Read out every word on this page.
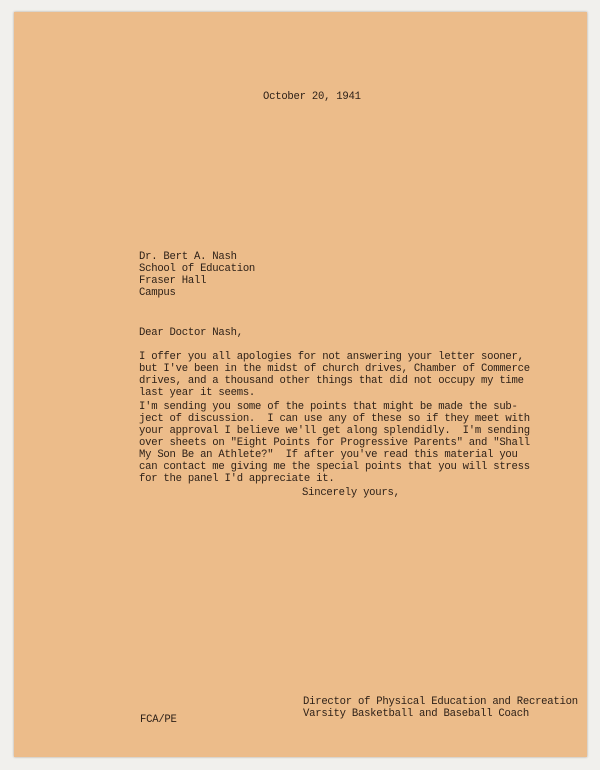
October 20, 1941
Dr. Bert A. Nash
School of Education
Fraser Hall
Campus
Dear Doctor Nash,
I offer you all apologies for not answering your letter sooner,
but I've been in the midst of church drives, Chamber of Commerce
drives, and a thousand other things that did not occupy my time
last year it seems.
I'm sending you some of the points that might be made the sub-
ject of discussion.  I can use any of these so if they meet with
your approval I believe we'll get along splendidly.  I'm sending
over sheets on "Eight Points for Progressive Parents" and "Shall
My Son Be an Athlete?"  If after you've read this material you
can contact me giving me the special points that you will stress
for the panel I'd appreciate it.
Sincerely yours,
FCA/PE
Director of Physical Education and Recreation
Varsity Basketball and Baseball Coach
